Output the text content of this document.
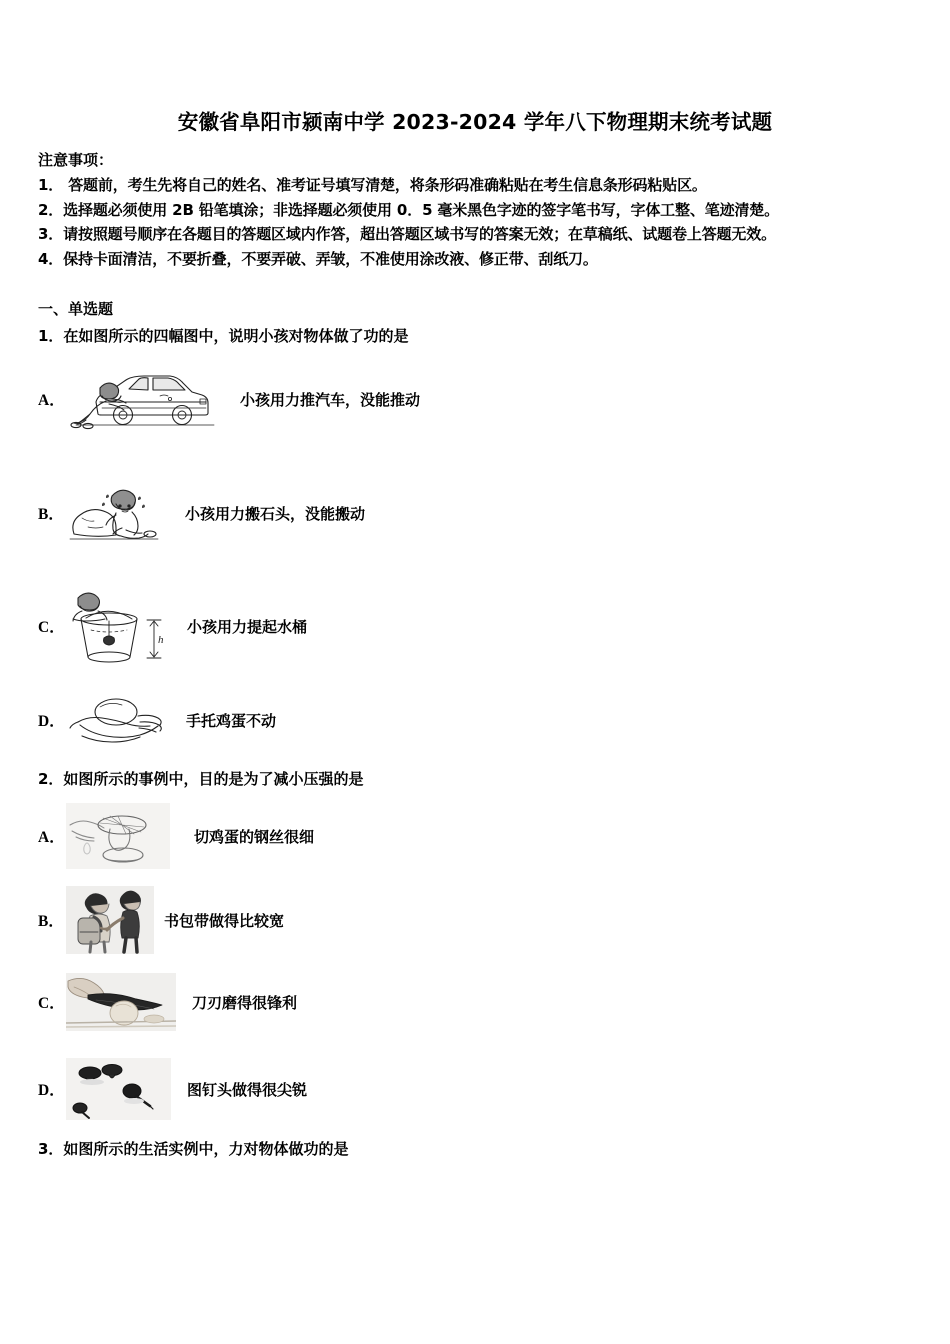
安徽省阜阳市颍南中学 2023-2024 学年八下物理期末统考试题
注意事项：
1． 答题前，考生先将自己的姓名、准考证号填写清楚，将条形码准确粘贴在考生信息条形码粘贴区。
2．选择题必须使用 2B 铅笔填涂；非选择题必须使用 0．5 毫米黑色字迹的签字笔书写，字体工整、笔迹清楚。
3．请按照题号顺序在各题目的答题区域内作答，超出答题区域书写的答案无效；在草稿纸、试题卷上答题无效。
4．保持卡面清洁，不要折叠，不要弄破、弄皱，不准使用涂改液、修正带、刮纸刀。
一、单选题
1．在如图所示的四幅图中，说明小孩对物体做了功的是
A．	小孩用力推汽车，没能推动
B．	小孩用力搬石头，没能搬动
C．
h
小孩用力提起水桶
D．	手托鸡蛋不动
2．如图所示的事例中，目的是为了减小压强的是
A．	切鸡蛋的钢丝很细
B．	书包带做得比较宽
C．	刀刃磨得很锋利
D．	图钉头做得很尖锐
3．如图所示的生活实例中，力对物体做功的是
